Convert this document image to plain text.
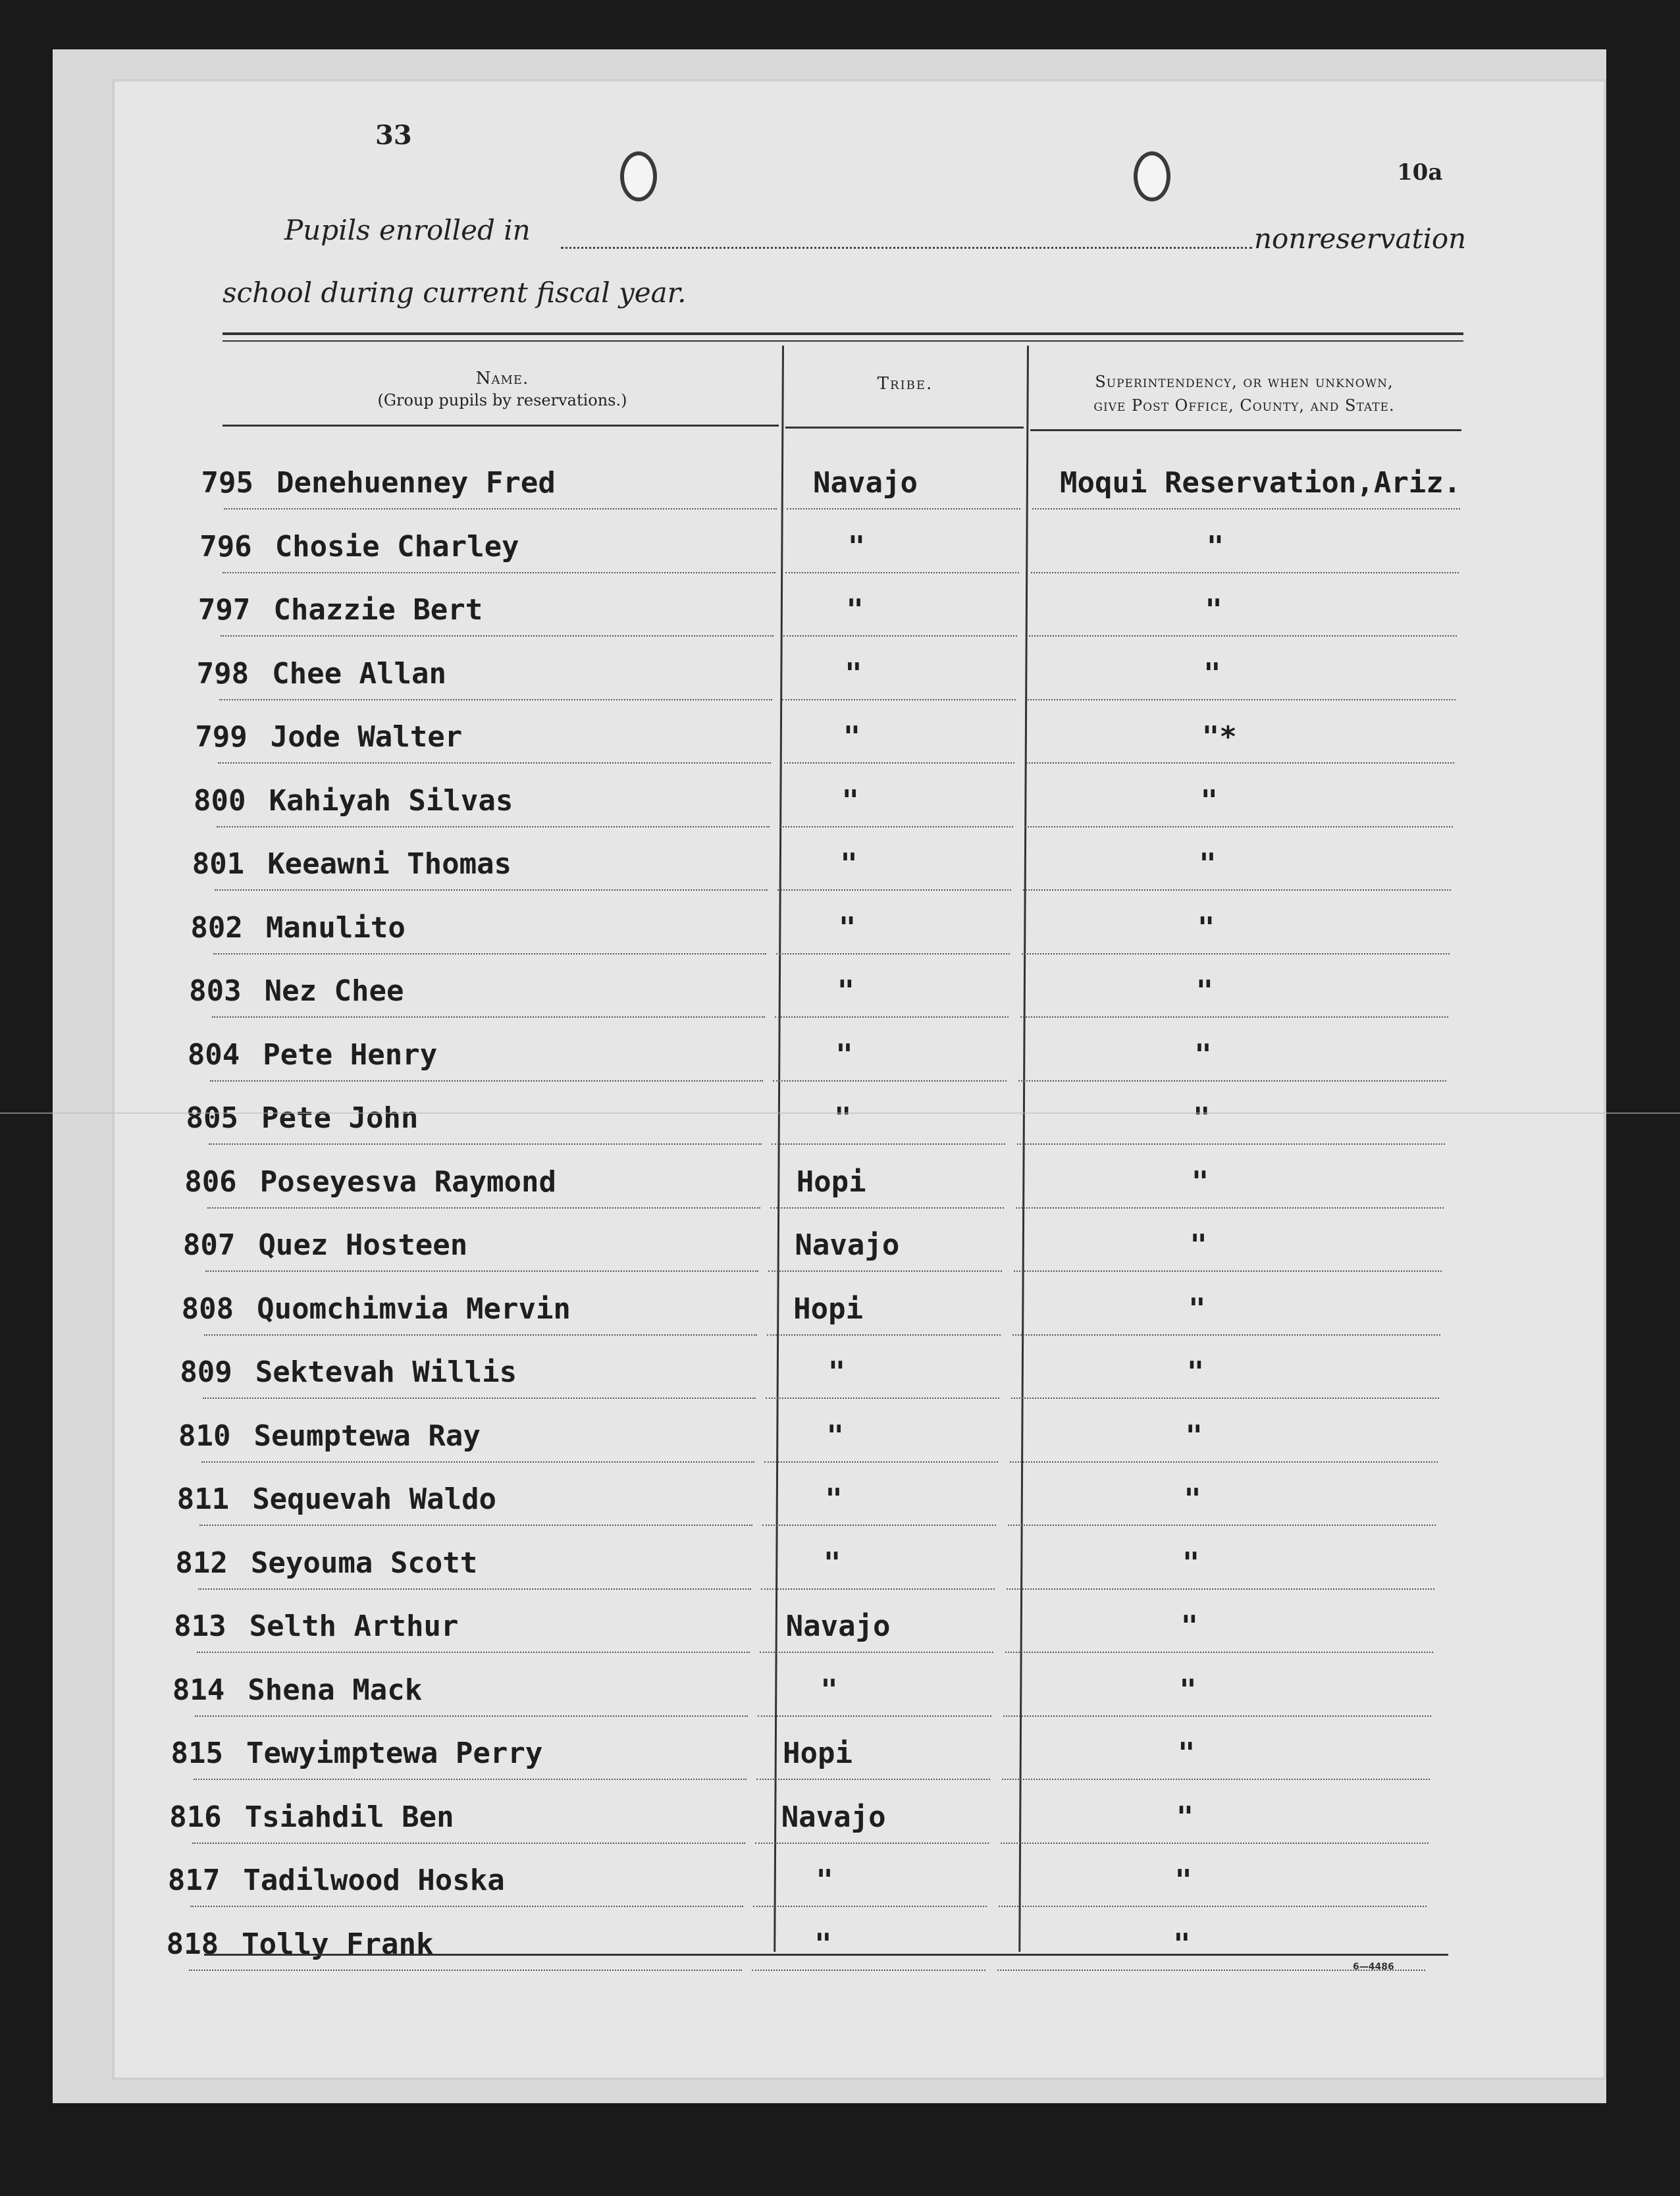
33
10a
Pupils enrolled in	nonreservation
school during current fiscal year.
Name.
(Group pupils by reservations.)
Tribe.	Superintendency, or when unknown,
give Post Office, County, and State.
795 Denehuenney Fred	Navajo	Moqui Reservation,Ariz.
796 Chosie Charley	"	"
797 Chazzie Bert	"	"
798 Chee Allan	"	"
799 Jode Walter	"	"*
800 Kahiyah Silvas	"	"
801 Keeawni Thomas	"	"
802 Manulito	"	"
803 Nez Chee	"	"
804 Pete Henry	"	"
805 Pete John	"	"
806 Poseyesva Raymond	Hopi	"
807 Quez Hosteen	Navajo	"
808 Quomchimvia Mervin	Hopi	"
809 Sektevah Willis	"	"
810 Seumptewa Ray	"	"
811 Sequevah Waldo	"	"
812 Seyouma Scott	"	"
813 Selth Arthur	Navajo	"
814 Shena Mack	"	"
815 Tewyimptewa Perry	Hopi	"
816 Tsiahdil Ben	Navajo	"
817 Tadilwood Hoska	"	"
818 Tolly Frank	"	"
6—4486
